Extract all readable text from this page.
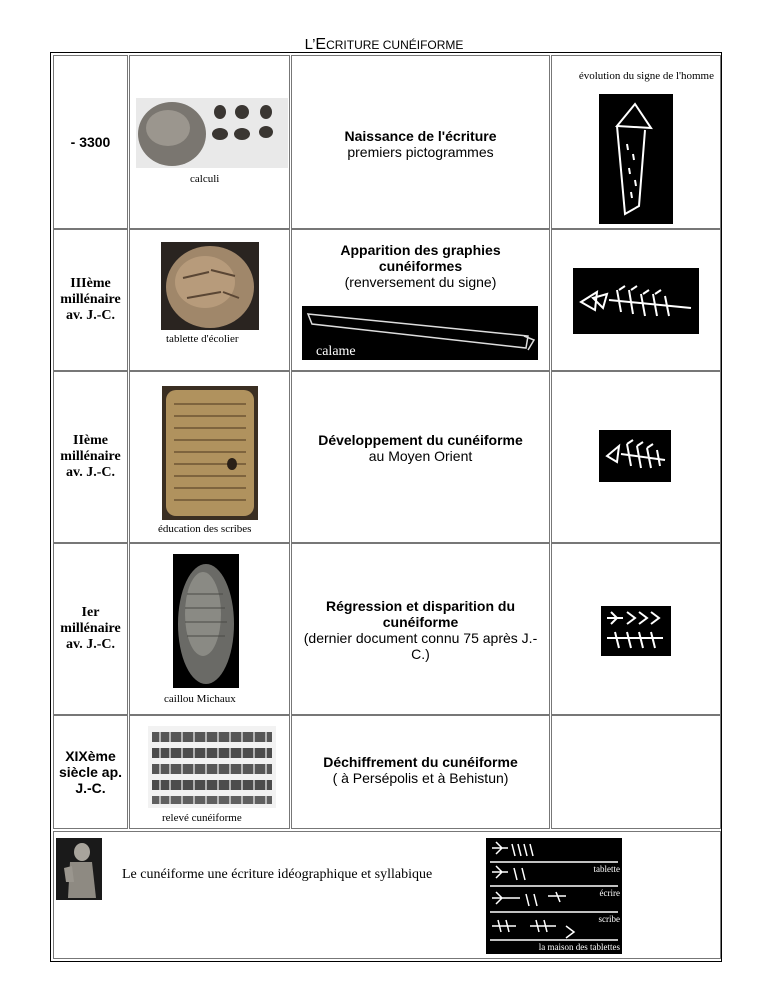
L’ECRITURE CUNÉIFORME
- 3300
calculi
Naissance de l'écriture
premiers pictogrammes
évolution du signe de l'homme
IIIème millénaire av. J.-C.
tablette d'écolier
Apparition des graphies cunéiformes
(renversement du signe)
calame
IIème millénaire av. J.-C.
éducation des scribes
Développement du cunéiforme
au Moyen Orient
Ier millénaire av. J.-C.
caillou Michaux
Régression et disparition du cunéiforme
(dernier document connu 75 après J.-C.)
XIXème siècle ap. J.-C.
relevé cunéiforme
Déchiffrement du cunéiforme
( à Persépolis et à Behistun)
Le cunéiforme une écriture idéographique et syllabique	tablette
écrire
scribe
la maison des tablettes
